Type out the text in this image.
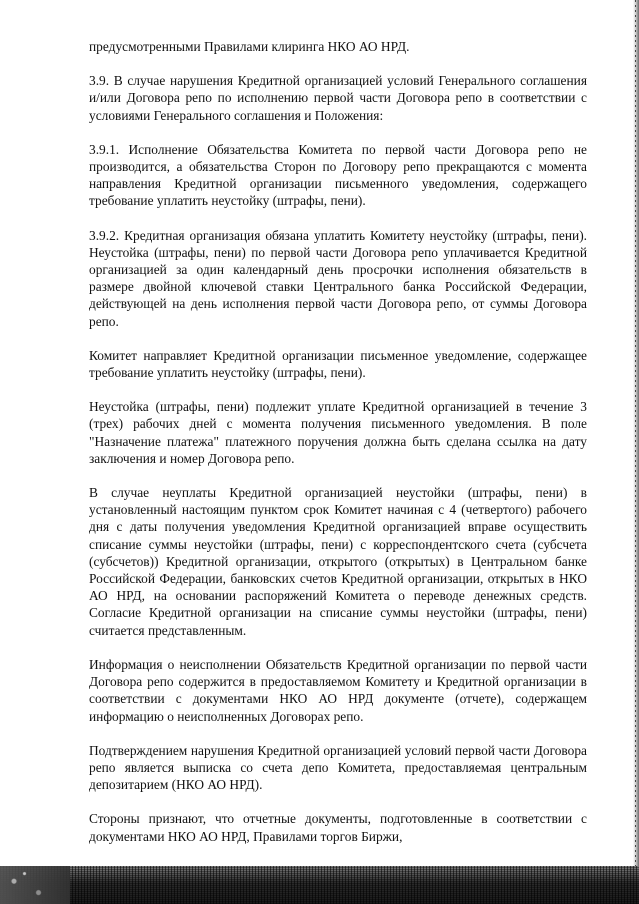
предусмотренными Правилами клиринга НКО АО НРД.

3.9. В случае нарушения Кредитной организацией условий Генерального соглашения и/или Договора репо по исполнению первой части Договора репо в соответствии с условиями Генерального соглашения и Положения:

3.9.1. Исполнение Обязательства Комитета по первой части Договора репо не производится, а обязательства Сторон по Договору репо прекращаются с момента направления Кредитной организации письменного уведомления, содержащего требование уплатить неустойку (штрафы, пени).

3.9.2. Кредитная организация обязана уплатить Комитету неустойку (штрафы, пени). Неустойка (штрафы, пени) по первой части Договора репо уплачивается Кредитной организацией за один календарный день просрочки исполнения обязательств в размере двойной ключевой ставки Центрального банка Российской Федерации, действующей на день исполнения первой части Договора репо, от суммы Договора репо.

Комитет направляет Кредитной организации письменное уведомление, содержащее требование уплатить неустойку (штрафы, пени).

Неустойка (штрафы, пени) подлежит уплате Кредитной организацией в течение 3 (трех) рабочих дней с момента получения письменного уведомления. В поле "Назначение платежа" платежного поручения должна быть сделана ссылка на дату заключения и номер Договора репо.

В случае неуплаты Кредитной организацией неустойки (штрафы, пени) в установленный настоящим пунктом срок Комитет начиная с 4 (четвертого) рабочего дня с даты получения уведомления Кредитной организацией вправе осуществить списание суммы неустойки (штрафы, пени) с корреспондентского счета (субсчета (субсчетов)) Кредитной организации, открытого (открытых) в Центральном банке Российской Федерации, банковских счетов Кредитной организации, открытых в НКО АО НРД, на основании распоряжений Комитета о переводе денежных средств. Согласие Кредитной организации на списание суммы неустойки (штрафы, пени) считается представленным.

Информация о неисполнении Обязательств Кредитной организации по первой части Договора репо содержится в предоставляемом Комитету и Кредитной организации в соответствии с документами НКО АО НРД документе (отчете), содержащем информацию о неисполненных Договорах репо.

Подтверждением нарушения Кредитной организацией условий первой части Договора репо является выписка со счета депо Комитета, предоставляемая центральным депозитарием (НКО АО НРД).

Стороны признают, что отчетные документы, подготовленные в соответствии с документами НКО АО НРД, Правилами торгов Биржи,
